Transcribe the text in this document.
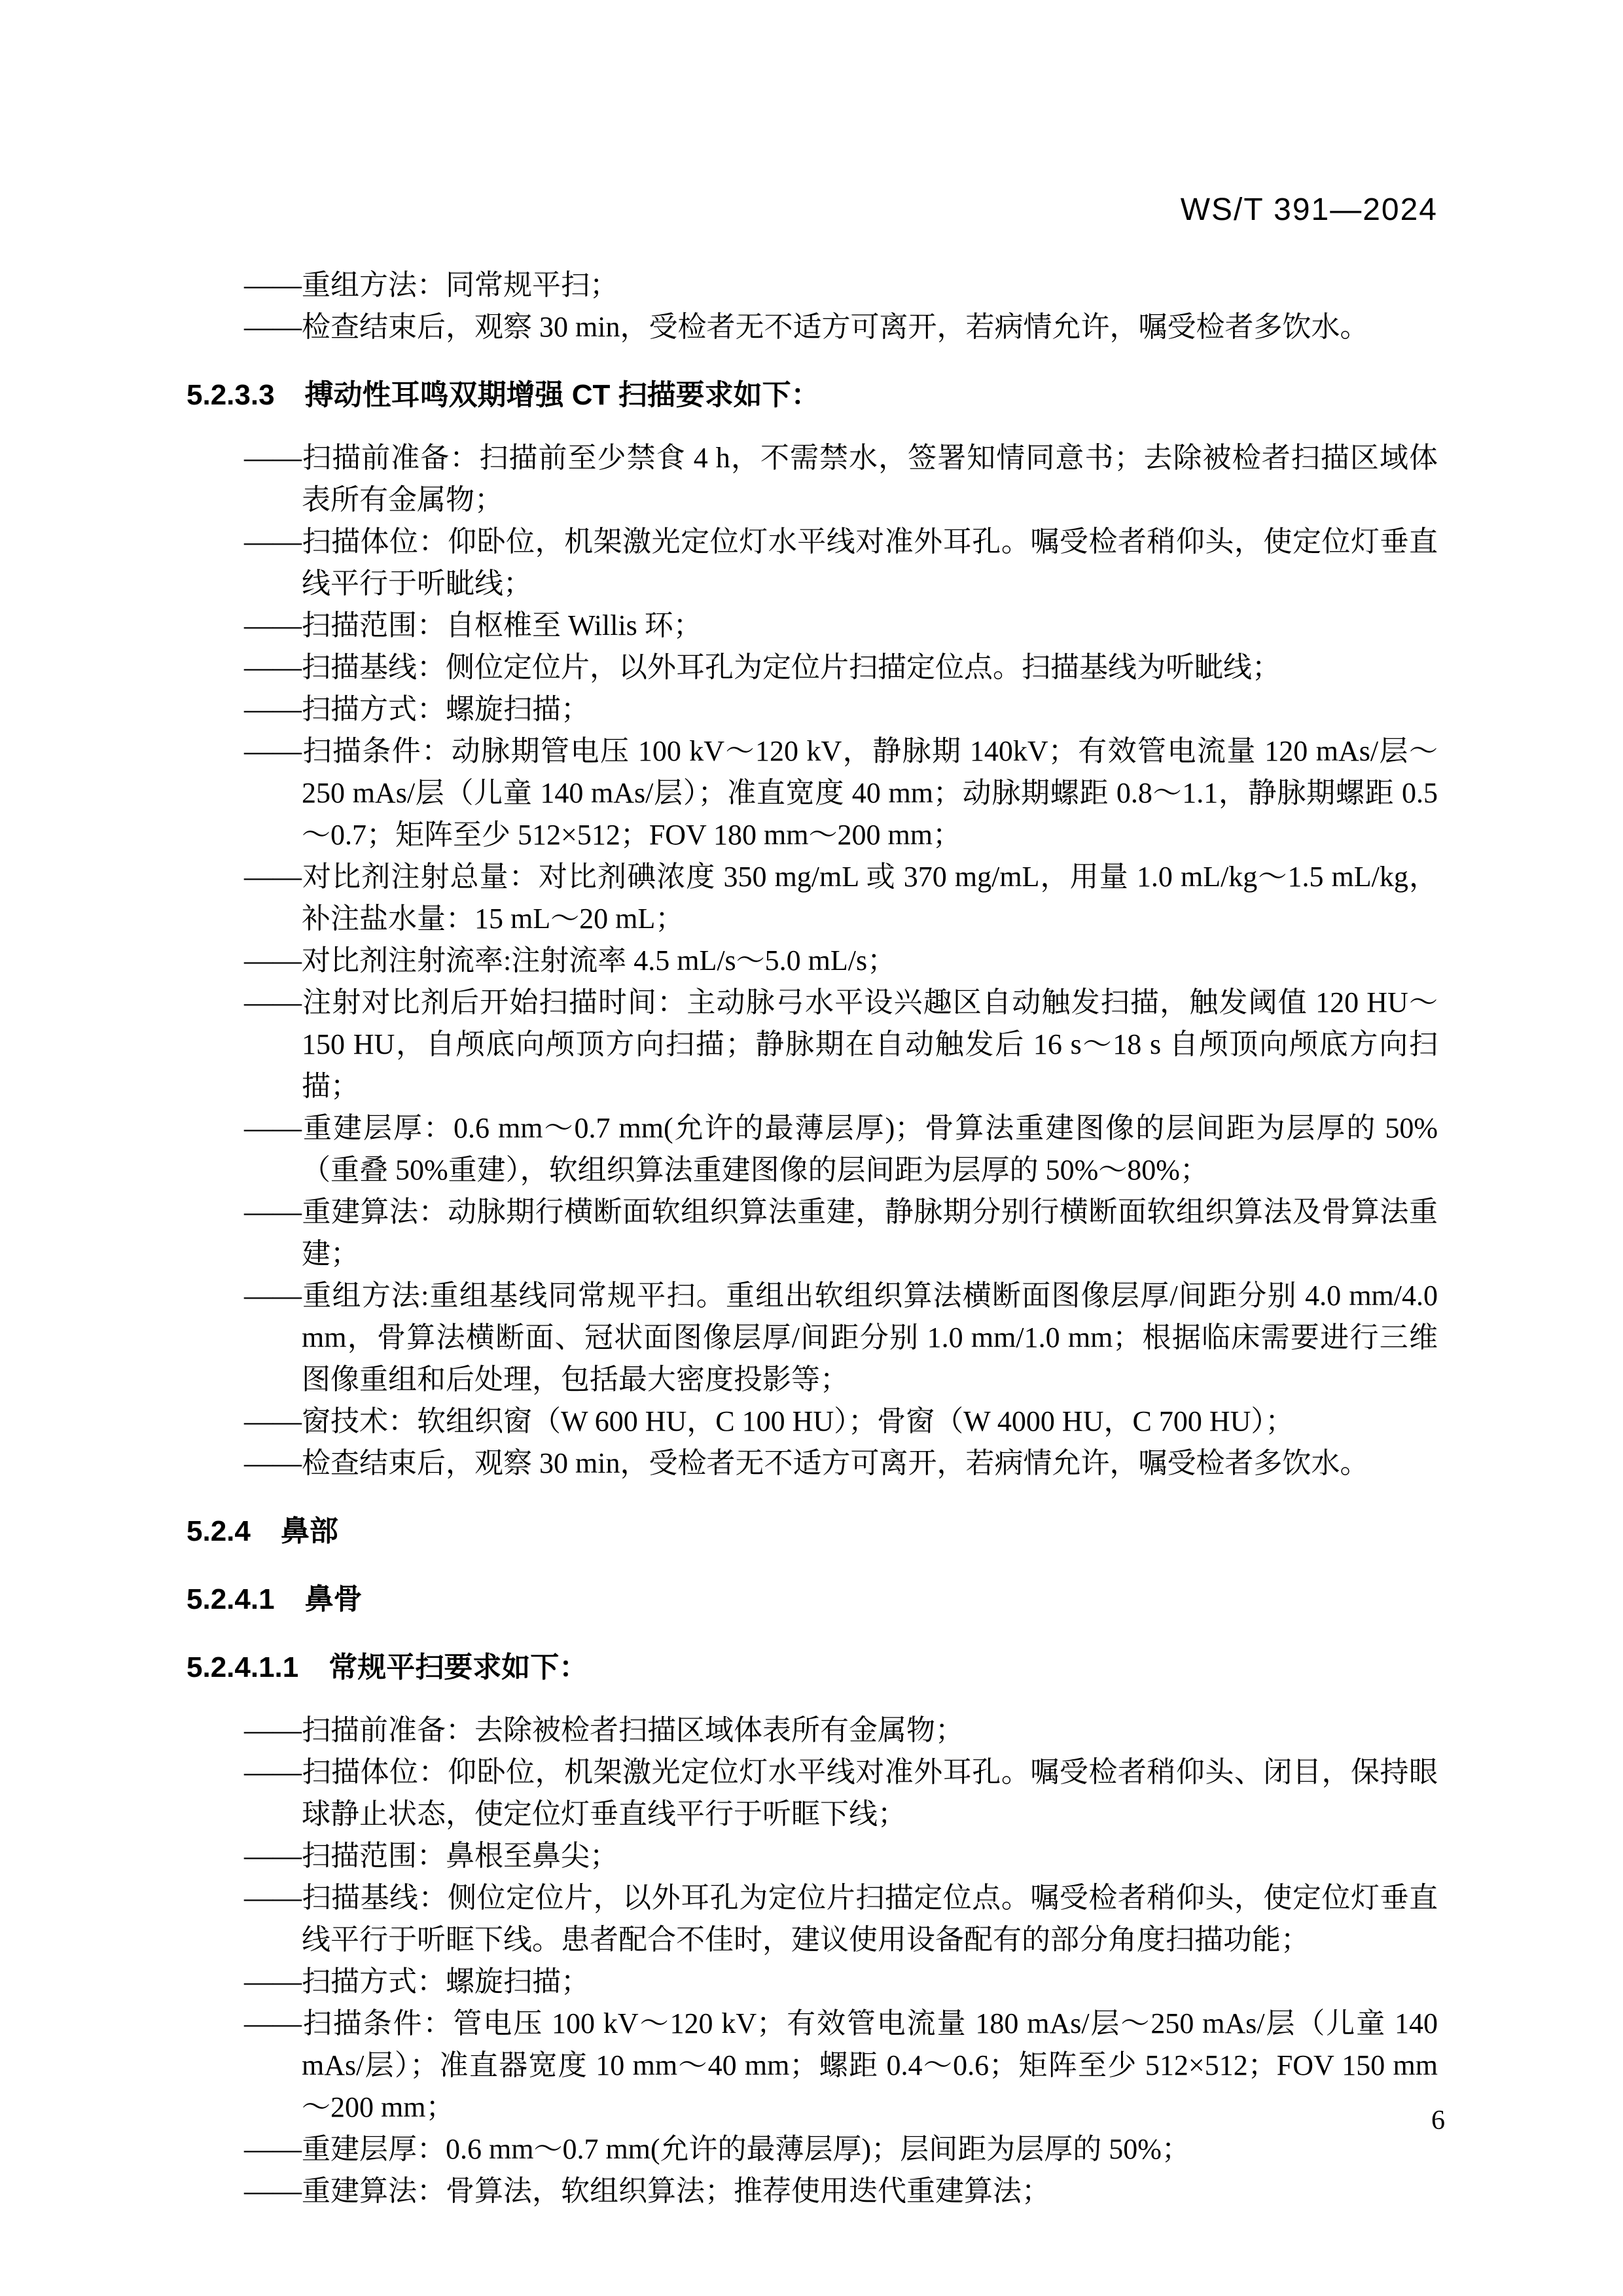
WS/T 391—2024
——重组方法：同常规平扫；
——检查结束后，观察 30 min，受检者无不适方可离开，若病情允许，嘱受检者多饮水。
5.2.3.3 搏动性耳鸣双期增强 CT 扫描要求如下：
——扫描前准备：扫描前至少禁食 4 h，不需禁水，签署知情同意书；去除被检者扫描区域体表所有金属物；
——扫描体位：仰卧位，机架激光定位灯水平线对准外耳孔。嘱受检者稍仰头，使定位灯垂直线平行于听眦线；
——扫描范围：自枢椎至 Willis 环；
——扫描基线：侧位定位片，以外耳孔为定位片扫描定位点。扫描基线为听眦线；
——扫描方式：螺旋扫描；
——扫描条件：动脉期管电压 100 kV～120 kV，静脉期 140kV；有效管电流量 120 mAs/层～250 mAs/层（儿童 140 mAs/层）；准直宽度 40 mm；动脉期螺距 0.8～1.1，静脉期螺距 0.5～0.7；矩阵至少 512×512；FOV 180 mm～200 mm；
——对比剂注射总量：对比剂碘浓度 350 mg/mL 或 370 mg/mL，用量 1.0 mL/kg～1.5 mL/kg，补注盐水量：15 mL～20 mL；
——对比剂注射流率:注射流率 4.5 mL/s～5.0 mL/s；
——注射对比剂后开始扫描时间：主动脉弓水平设兴趣区自动触发扫描，触发阈值 120 HU～150 HU，自颅底向颅顶方向扫描；静脉期在自动触发后 16 s～18 s 自颅顶向颅底方向扫描；
——重建层厚：0.6 mm～0.7 mm(允许的最薄层厚)；骨算法重建图像的层间距为层厚的 50%（重叠 50%重建），软组织算法重建图像的层间距为层厚的 50%～80%；
——重建算法：动脉期行横断面软组织算法重建，静脉期分别行横断面软组织算法及骨算法重建；
——重组方法:重组基线同常规平扫。重组出软组织算法横断面图像层厚/间距分别 4.0 mm/4.0 mm，骨算法横断面、冠状面图像层厚/间距分别 1.0 mm/1.0 mm；根据临床需要进行三维图像重组和后处理，包括最大密度投影等；
——窗技术：软组织窗（W 600 HU，C 100 HU）；骨窗（W 4000 HU，C 700 HU）；
——检查结束后，观察 30 min，受检者无不适方可离开，若病情允许，嘱受检者多饮水。
5.2.4 鼻部
5.2.4.1 鼻骨
5.2.4.1.1 常规平扫要求如下：
——扫描前准备：去除被检者扫描区域体表所有金属物；
——扫描体位：仰卧位，机架激光定位灯水平线对准外耳孔。嘱受检者稍仰头、闭目，保持眼球静止状态，使定位灯垂直线平行于听眶下线；
——扫描范围：鼻根至鼻尖；
——扫描基线：侧位定位片，以外耳孔为定位片扫描定位点。嘱受检者稍仰头，使定位灯垂直线平行于听眶下线。患者配合不佳时，建议使用设备配有的部分角度扫描功能；
——扫描方式：螺旋扫描；
——扫描条件：管电压 100 kV～120 kV；有效管电流量 180 mAs/层～250 mAs/层（儿童 140 mAs/层）；准直器宽度 10 mm～40 mm；螺距 0.4～0.6；矩阵至少 512×512；FOV 150 mm～200 mm；
——重建层厚：0.6 mm～0.7 mm(允许的最薄层厚)；层间距为层厚的 50%；
——重建算法：骨算法，软组织算法；推荐使用迭代重建算法；
6
